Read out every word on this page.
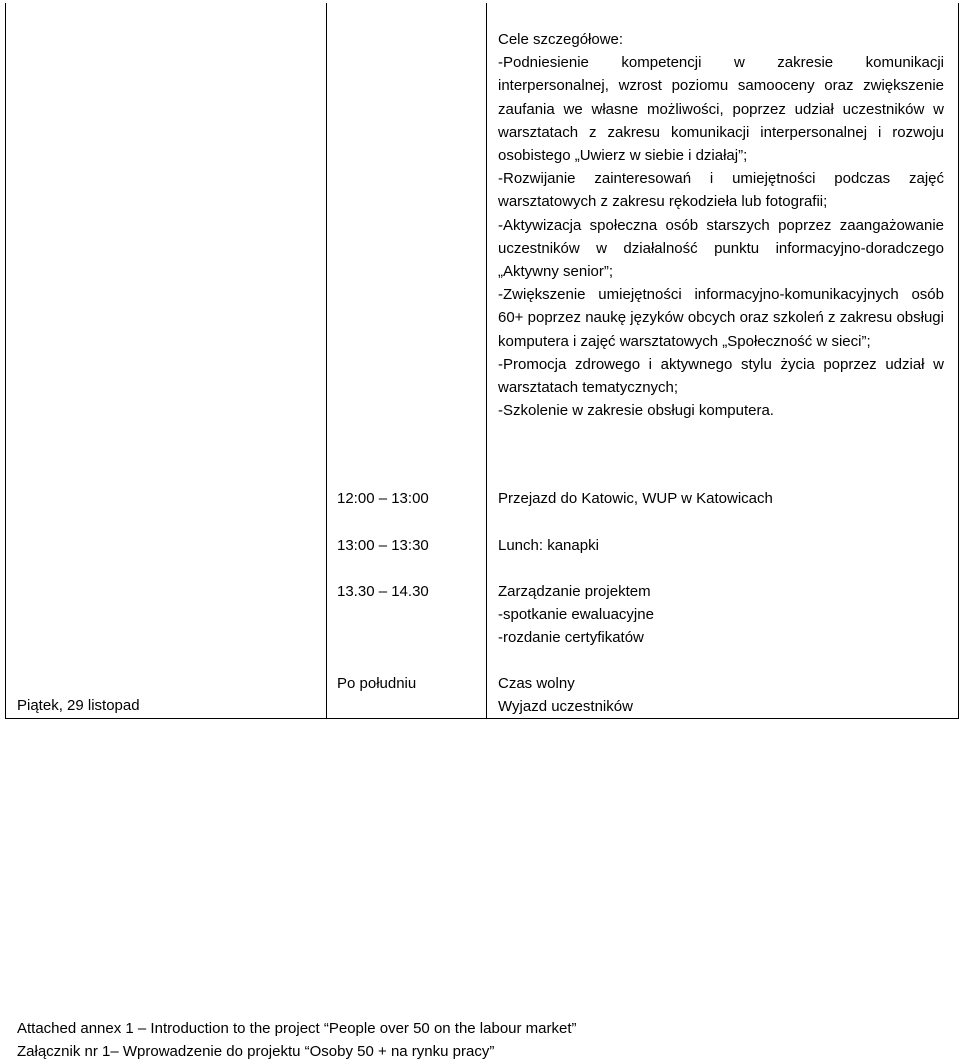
Cele szczegółowe:

-Podniesienie kompetencji w zakresie komunikacji interpersonalnej, wzrost poziomu samooceny oraz zwiększenie zaufania we własne możliwości, poprzez udział uczestników w warsztatach z zakresu komunikacji interpersonalnej i rozwoju osobistego „Uwierz w siebie i działaj”;

-Rozwijanie zainteresowań i umiejętności podczas zajęć warsztatowych z zakresu rękodzieła lub fotografii;

-Aktywizacja społeczna osób starszych poprzez zaangażowanie uczestników w działalność punktu informacyjno-doradczego „Aktywny senior”;

-Zwiększenie umiejętności informacyjno-komunikacyjnych osób 60+ poprzez naukę języków obcych oraz szkoleń z zakresu obsługi komputera i zajęć warsztatowych „Społeczność w sieci”;

-Promocja zdrowego i aktywnego stylu życia poprzez udział w warsztatach tematycznych;

-Szkolenie w zakresie obsługi komputera.

12:00 – 13:00
13:00 – 13:30
13.30 – 14.30
Po południu
Przejazd do Katowic, WUP w Katowicach
Lunch: kanapki
Zarządzanie projektem
-spotkanie ewaluacyjne
-rozdanie certyfikatów
Czas wolny
Wyjazd uczestników
Piątek, 29 listopad
Attached annex 1 – Introduction to the project “People over 50 on the labour market”
Załącznik nr 1– Wprowadzenie do projektu “Osoby 50 + na rynku pracy”
